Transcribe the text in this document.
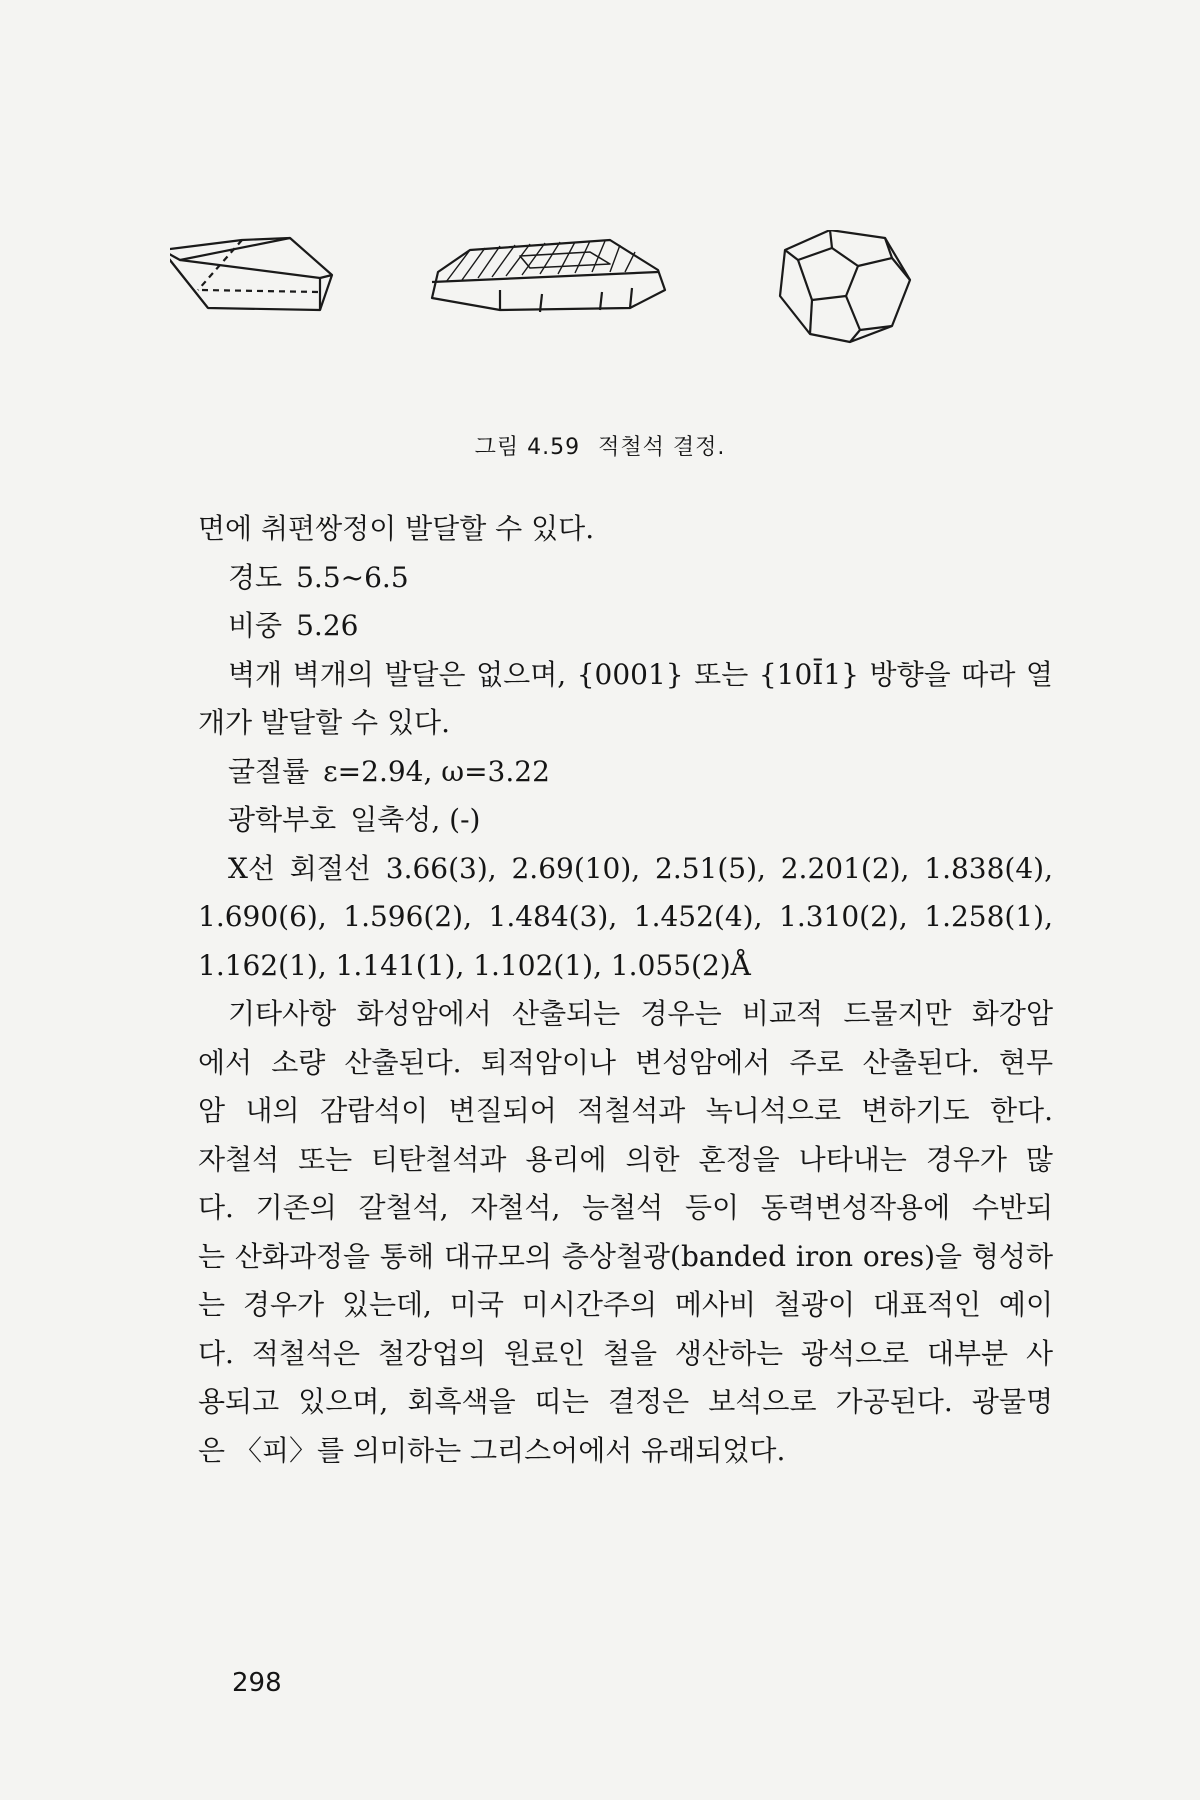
그림 4.59 적철석 결정.
면에 취편쌍정이 발달할 수 있다.
경도 5.5~6.5
비중 5.26
벽개 벽개의 발달은 없으며, {0001} 또는 {10Ī1} 방향을 따라 열
개가 발달할 수 있다.
굴절률 ε=2.94, ω=3.22
광학부호 일축성, (-)
X선 회절선 3.66(3), 2.69(10), 2.51(5), 2.201(2), 1.838(4),
1.690(6), 1.596(2), 1.484(3), 1.452(4), 1.310(2), 1.258(1),
1.162(1), 1.141(1), 1.102(1), 1.055(2)Å
기타사항 화성암에서 산출되는 경우는 비교적 드물지만 화강암
에서 소량 산출된다. 퇴적암이나 변성암에서 주로 산출된다. 현무
암 내의 감람석이 변질되어 적철석과 녹니석으로 변하기도 한다.
자철석 또는 티탄철석과 용리에 의한 혼정을 나타내는 경우가 많
다. 기존의 갈철석, 자철석, 능철석 등이 동력변성작용에 수반되
는 산화과정을 통해 대규모의 층상철광(banded iron ores)을 형성하
는 경우가 있는데, 미국 미시간주의 메사비 철광이 대표적인 예이
다. 적철석은 철강업의 원료인 철을 생산하는 광석으로 대부분 사
용되고 있으며, 회흑색을 띠는 결정은 보석으로 가공된다. 광물명
은 〈피〉를 의미하는 그리스어에서 유래되었다.
298
